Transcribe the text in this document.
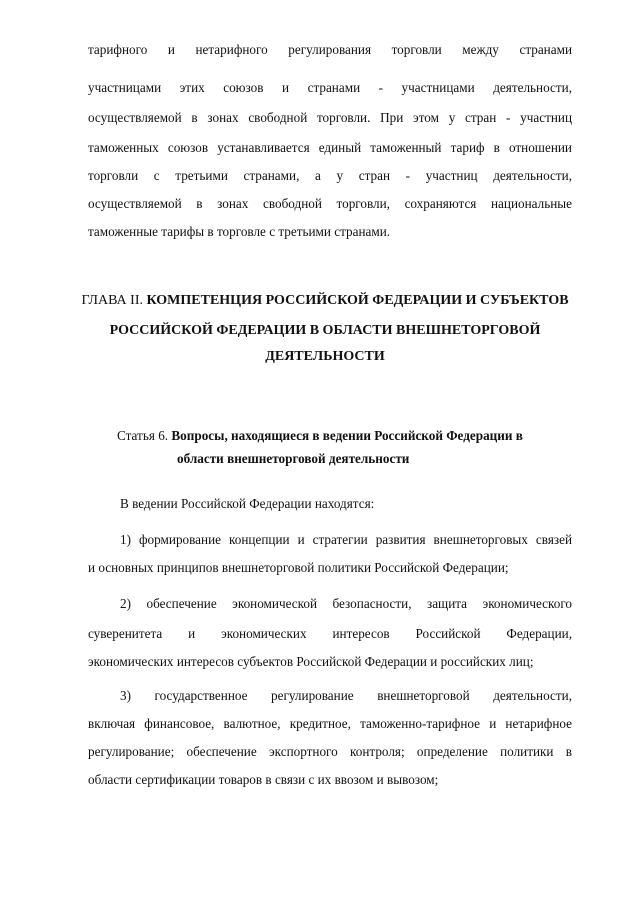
тарифного и нетарифного регулирования торговли между странами
участницами этих союзов и странами - участницами деятельности,
осуществляемой в зонах свободной торговли. При этом у стран - участниц
таможенных союзов устанавливается единый таможенный тариф в отношении
торговли с третьими странами, а у стран - участниц деятельности,
осуществляемой в зонах свободной торговли, сохраняются национальные
таможенные тарифы в торговле с третьими странами.
ГЛАВА II. КОМПЕТЕНЦИЯ РОССИЙСКОЙ ФЕДЕРАЦИИ И СУБЪЕКТОВ
РОССИЙСКОЙ ФЕДЕРАЦИИ В ОБЛАСТИ ВНЕШНЕТОРГОВОЙ
ДЕЯТЕЛЬНОСТИ
Статья 6. Вопросы, находящиеся в ведении Российской Федерации в
области внешнеторговой деятельности
В ведении Российской Федерации находятся:
1) формирование концепции и стратегии развития внешнеторговых связей
и основных принципов внешнеторговой политики Российской Федерации;
2) обеспечение экономической безопасности, защита экономического
суверенитета и экономических интересов Российской Федерации,
экономических интересов субъектов Российской Федерации и российских лиц;
3) государственное регулирование внешнеторговой деятельности,
включая финансовое, валютное, кредитное, таможенно-тарифное и нетарифное
регулирование; обеспечение экспортного контроля; определение политики в
области сертификации товаров в связи с их ввозом и вывозом;
